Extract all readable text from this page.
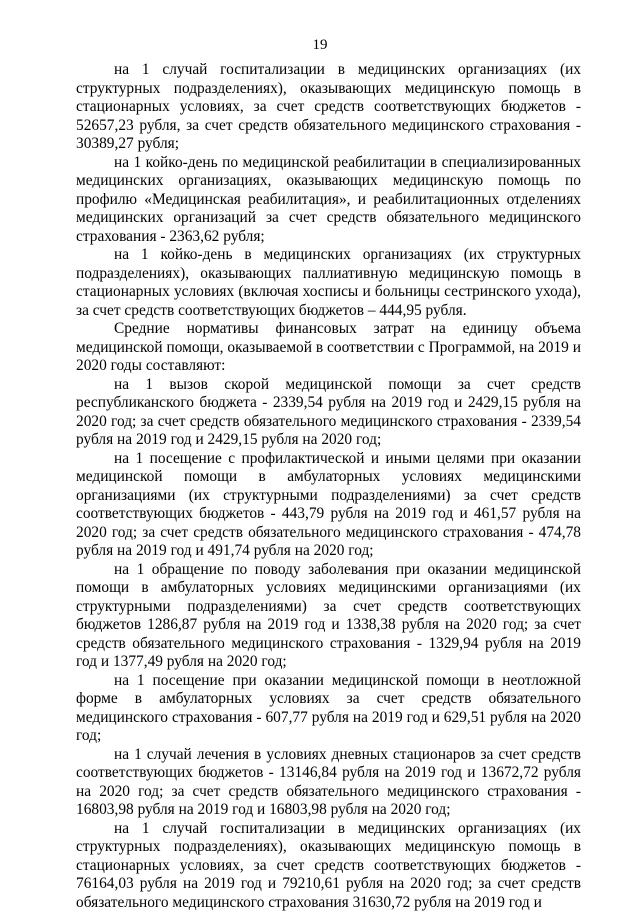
19

на 1 случай госпитализации в медицинских организациях (их структурных подразделениях), оказывающих медицинскую помощь в стационарных условиях, за счет средств соответствующих бюджетов - 52657,23 рубля, за счет средств обязательного медицинского страхования - 30389,27 рубля;

на 1 койко-день по медицинской реабилитации в специализированных медицинских организациях, оказывающих медицинскую помощь по профилю «Медицинская реабилитация», и реабилитационных отделениях медицинских организаций за счет средств обязательного медицинского страхования - 2363,62 рубля;

на 1 койко-день в медицинских организациях (их структурных подразделениях), оказывающих паллиативную медицинскую помощь в стационарных условиях (включая хосписы и больницы сестринского ухода), за счет средств соответствующих бюджетов – 444,95 рубля.

Средние нормативы финансовых затрат на единицу объема медицинской помощи, оказываемой в соответствии с Программой, на 2019 и 2020 годы составляют:

на 1 вызов скорой медицинской помощи за счет средств республиканского бюджета - 2339,54 рубля на 2019 год и 2429,15 рубля на 2020 год; за счет средств обязательного медицинского страхования - 2339,54 рубля на 2019 год и 2429,15 рубля на 2020 год;

на 1 посещение с профилактической и иными целями при оказании медицинской помощи в амбулаторных условиях медицинскими организациями (их структурными подразделениями) за счет средств соответствующих бюджетов - 443,79 рубля на 2019 год и 461,57 рубля на 2020 год; за счет средств обязательного медицинского страхования - 474,78 рубля на 2019 год и 491,74 рубля на 2020 год;

на 1 обращение по поводу заболевания при оказании медицинской помощи в амбулаторных условиях медицинскими организациями (их структурными подразделениями) за счет средств соответствующих бюджетов 1286,87 рубля на 2019 год и 1338,38 рубля на 2020 год; за счет средств обязательного медицинского страхования - 1329,94 рубля на 2019 год и 1377,49 рубля на 2020 год;

на 1 посещение при оказании медицинской помощи в неотложной форме в амбулаторных условиях за счет средств обязательного медицинского страхования - 607,77 рубля на 2019 год и 629,51 рубля на 2020 год;

на 1 случай лечения в условиях дневных стационаров за счет средств соответствующих бюджетов - 13146,84 рубля на 2019 год и 13672,72 рубля на 2020 год; за счет средств обязательного медицинского страхования - 16803,98 рубля на 2019 год и 16803,98 рубля на 2020 год;

на 1 случай госпитализации в медицинских организациях (их структурных подразделениях), оказывающих медицинскую помощь в стационарных условиях, за счет средств соответствующих бюджетов - 76164,03 рубля на 2019 год и 79210,61 рубля на 2020 год; за счет средств обязательного медицинского страхования 31630,72 рубля на 2019 год и
